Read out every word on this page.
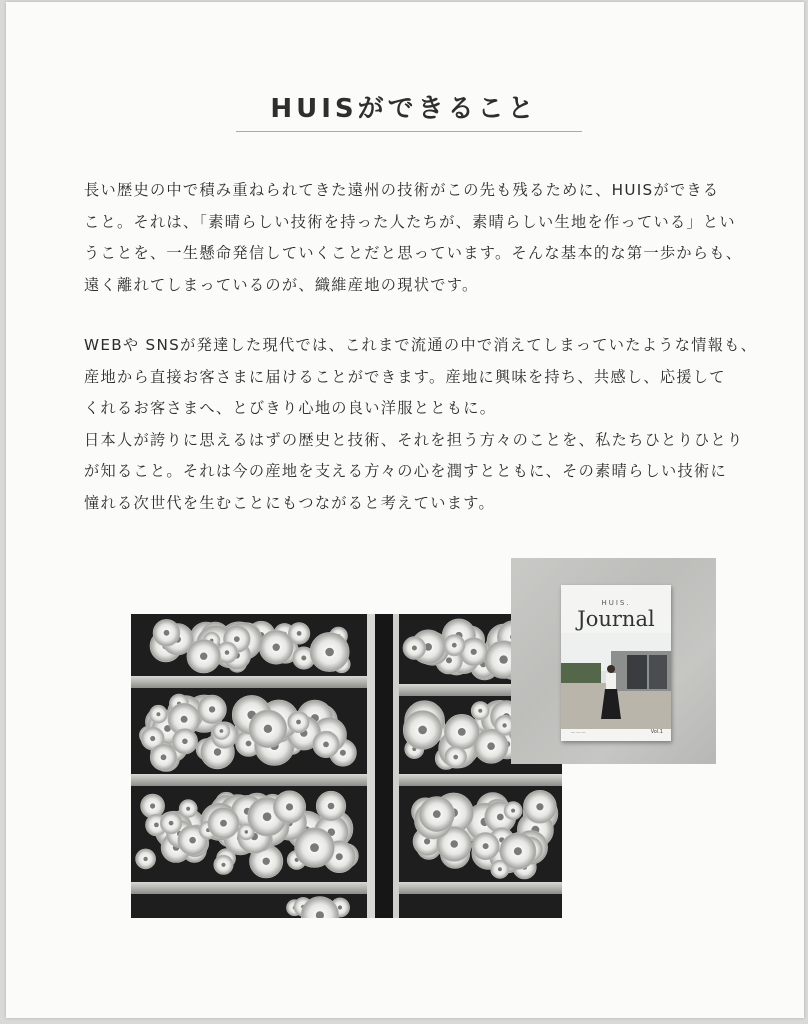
HUISができること
長い歴史の中で積み重ねられてきた遠州の技術がこの先も残るために、HUISができる
こと。それは、「素晴らしい技術を持った人たちが、素晴らしい生地を作っている」とい
うことを、一生懸命発信していくことだと思っています。そんな基本的な第一歩からも、
遠く離れてしまっているのが、織維産地の現状です。
WEBや SNSが発達した現代では、これまで流通の中で消えてしまっていたような情報も、
産地から直接お客さまに届けることができます。産地に興味を持ち、共感し、応援して
くれるお客さまへ、とびきり心地の良い洋服とともに。
日本人が誇りに思えるはずの歴史と技術、それを担う方々のことを、私たちひとりひとり
が知ること。それは今の産地を支える方々の心を潤すとともに、その素晴らしい技術に
憧れる次世代を生むことにもつながると考えています。
HUIS.
Journal
Vol.1
― ― ―
